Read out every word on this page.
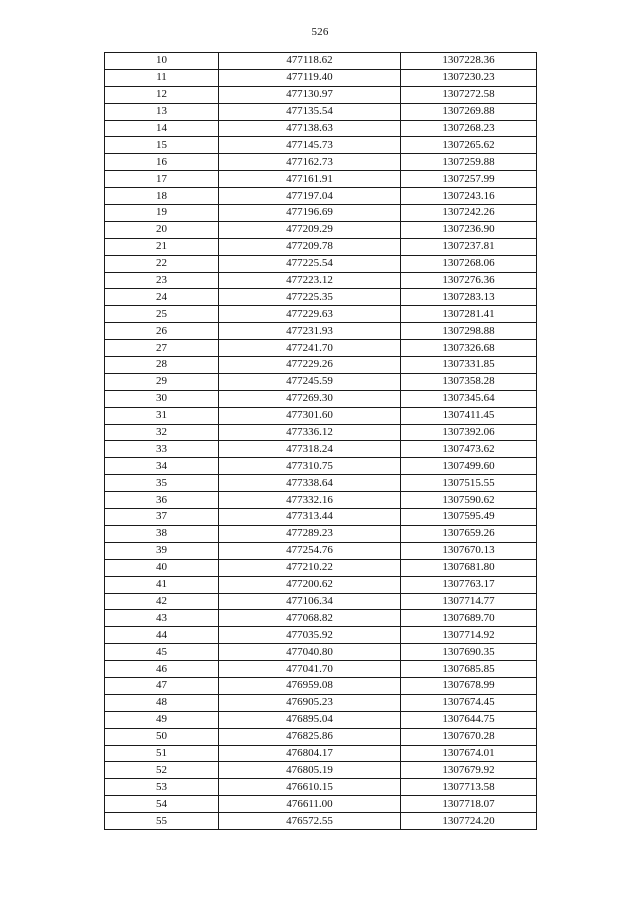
526
10	477118.62	1307228.36
11	477119.40	1307230.23
12	477130.97	1307272.58
13	477135.54	1307269.88
14	477138.63	1307268.23
15	477145.73	1307265.62
16	477162.73	1307259.88
17	477161.91	1307257.99
18	477197.04	1307243.16
19	477196.69	1307242.26
20	477209.29	1307236.90
21	477209.78	1307237.81
22	477225.54	1307268.06
23	477223.12	1307276.36
24	477225.35	1307283.13
25	477229.63	1307281.41
26	477231.93	1307298.88
27	477241.70	1307326.68
28	477229.26	1307331.85
29	477245.59	1307358.28
30	477269.30	1307345.64
31	477301.60	1307411.45
32	477336.12	1307392.06
33	477318.24	1307473.62
34	477310.75	1307499.60
35	477338.64	1307515.55
36	477332.16	1307590.62
37	477313.44	1307595.49
38	477289.23	1307659.26
39	477254.76	1307670.13
40	477210.22	1307681.80
41	477200.62	1307763.17
42	477106.34	1307714.77
43	477068.82	1307689.70
44	477035.92	1307714.92
45	477040.80	1307690.35
46	477041.70	1307685.85
47	476959.08	1307678.99
48	476905.23	1307674.45
49	476895.04	1307644.75
50	476825.86	1307670.28
51	476804.17	1307674.01
52	476805.19	1307679.92
53	476610.15	1307713.58
54	476611.00	1307718.07
55	476572.55	1307724.20
